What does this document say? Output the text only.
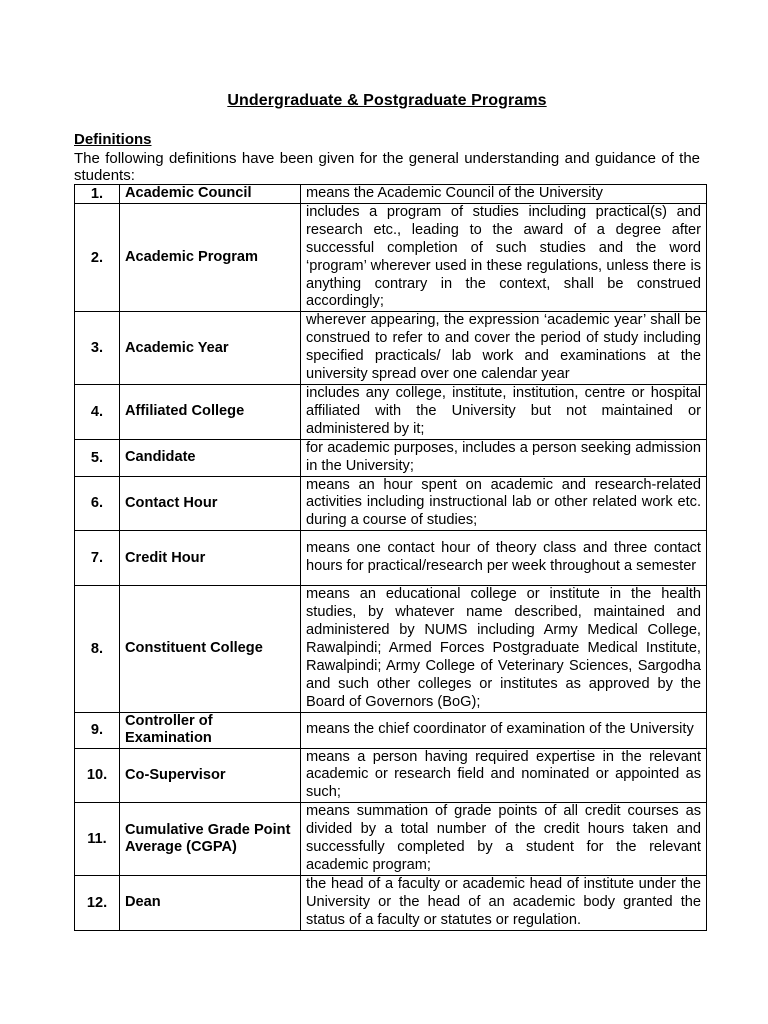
Undergraduate & Postgraduate Programs
Definitions
The following definitions have been given for the general understanding and guidance of the students:
1.	Academic Council	means the Academic Council of the University
2.	Academic Program	includes a program of studies including practical(s) and research etc., leading to the award of a degree after successful completion of such studies and the word ‘program’ wherever used in these regulations, unless there is anything contrary in the context, shall be construed accordingly;
3.	Academic Year	wherever appearing, the expression ‘academic year’ shall be construed to refer to and cover the period of study including specified practicals/ lab work and examinations at the university spread over one calendar year
4.	Affiliated College	includes any college, institute, institution, centre or hospital affiliated with the University but not maintained or administered by it;
5.	Candidate	for academic purposes, includes a person seeking admission in the University;
6.	Contact Hour	means an hour spent on academic and research-related activities including instructional lab or other related work etc. during a course of studies;
7.	Credit Hour	means one contact hour of theory class and three contact hours for practical/research per week throughout a semester
8.	Constituent College	means an educational college or institute in the health studies, by whatever name described, maintained and administered by NUMS including Army Medical College, Rawalpindi; Armed Forces Postgraduate Medical Institute, Rawalpindi; Army College of Veterinary Sciences, Sargodha and such other colleges or institutes as approved by the Board of Governors (BoG);
9.	Controller of Examination	means the chief coordinator of examination of the University
10.	Co-Supervisor	means a person having required expertise in the relevant academic or research field and nominated or appointed as such;
11.	Cumulative Grade Point Average (CGPA)	means summation of grade points of all credit courses as divided by a total number of the credit hours taken and successfully completed by a student for the relevant academic program;
12.	Dean	the head of a faculty or academic head of institute under the University or the head of an academic body granted the status of a faculty or statutes or regulation.
